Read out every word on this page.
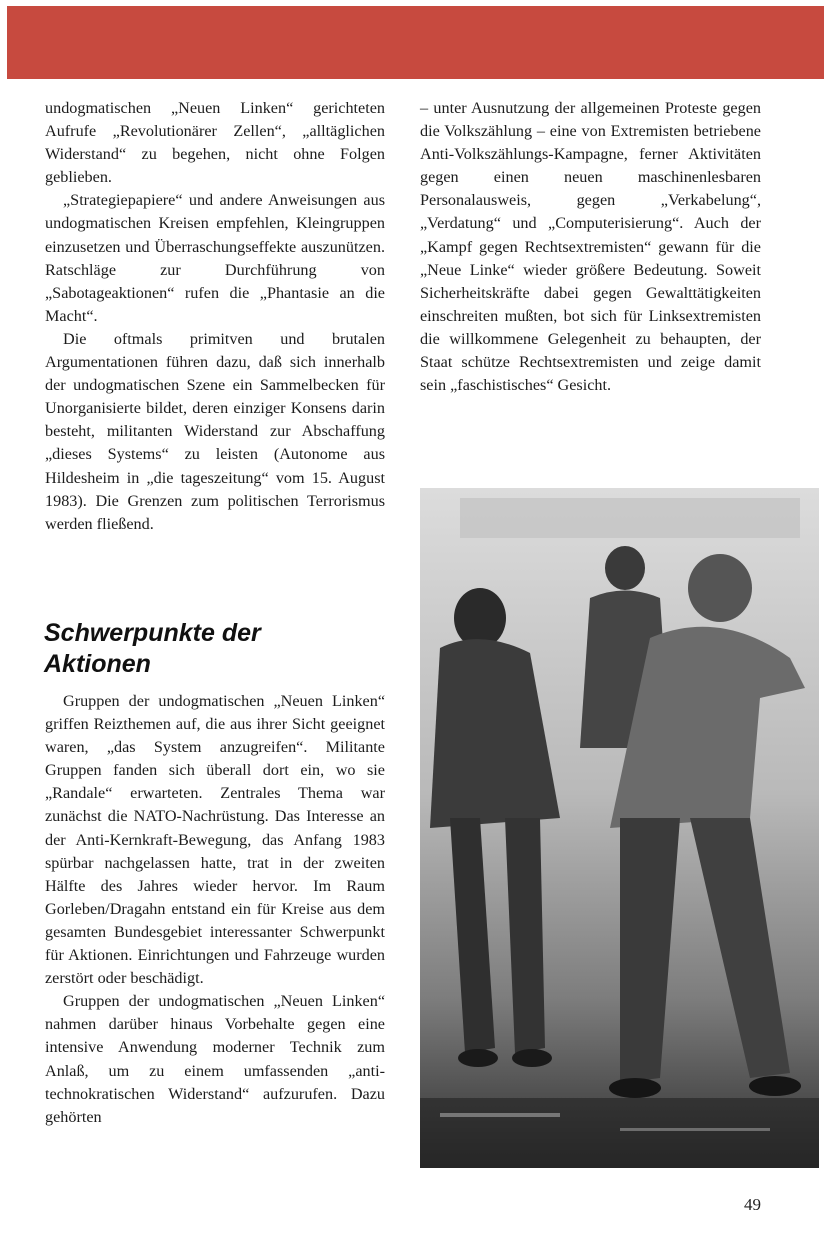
undogmatischen „Neuen Linken“ gerichteten Aufrufe „Revolutionärer Zellen“, „alltäglichen Widerstand“ zu begehen, nicht ohne Folgen geblieben.

„Strategiepapiere“ und andere Anweisungen aus undogmatischen Kreisen empfehlen, Kleingruppen einzusetzen und Überraschungseffekte auszunützen. Ratschläge zur Durchführung von „Sabotageaktionen“ rufen die „Phantasie an die Macht“.

Die oftmals primitven und brutalen Argumentationen führen dazu, daß sich innerhalb der undogmatischen Szene ein Sammelbecken für Unorganisierte bildet, deren einziger Konsens darin besteht, militanten Widerstand zur Abschaffung „dieses Systems“ zu leisten (Autonome aus Hildesheim in „die tageszeitung“ vom 15. August 1983). Die Grenzen zum politischen Terrorismus werden fließend.

Schwerpunkte der
Aktionen

Gruppen der undogmatischen „Neuen Linken“ griffen Reizthemen auf, die aus ihrer Sicht geeignet waren, „das System anzugreifen“. Militante Gruppen fanden sich überall dort ein, wo sie „Randale“ erwarteten. Zentrales Thema war zunächst die NATO-Nachrüstung. Das Interesse an der Anti-Kernkraft-Bewegung, das Anfang 1983 spürbar nachgelassen hatte, trat in der zweiten Hälfte des Jahres wieder hervor. Im Raum Gorleben/Dragahn entstand ein für Kreise aus dem gesamten Bundesgebiet interessanter Schwerpunkt für Aktionen. Einrichtungen und Fahrzeuge wurden zerstört oder beschädigt.

Gruppen der undogmatischen „Neuen Linken“ nahmen darüber hinaus Vorbehalte gegen eine intensive Anwendung moderner Technik zum Anlaß, um zu einem umfassenden „anti-technokratischen Widerstand“ aufzurufen. Dazu gehörten

– unter Ausnutzung der allgemeinen Proteste gegen die Volkszählung – eine von Extremisten betriebene Anti-Volkszählungs-Kampagne, ferner Aktivitäten gegen einen neuen maschinenlesbaren Personalausweis, gegen „Verkabelung“, „Verdatung“ und „Computerisierung“. Auch der „Kampf gegen Rechtsextremisten“ gewann für die „Neue Linke“ wieder größere Bedeutung. Soweit Sicherheitskräfte dabei gegen Gewalttätigkeiten einschreiten mußten, bot sich für Linksextremisten die willkommene Gelegenheit zu behaupten, der Staat schütze Rechtsextremisten und zeige damit sein „faschistisches“ Gesicht.

49
